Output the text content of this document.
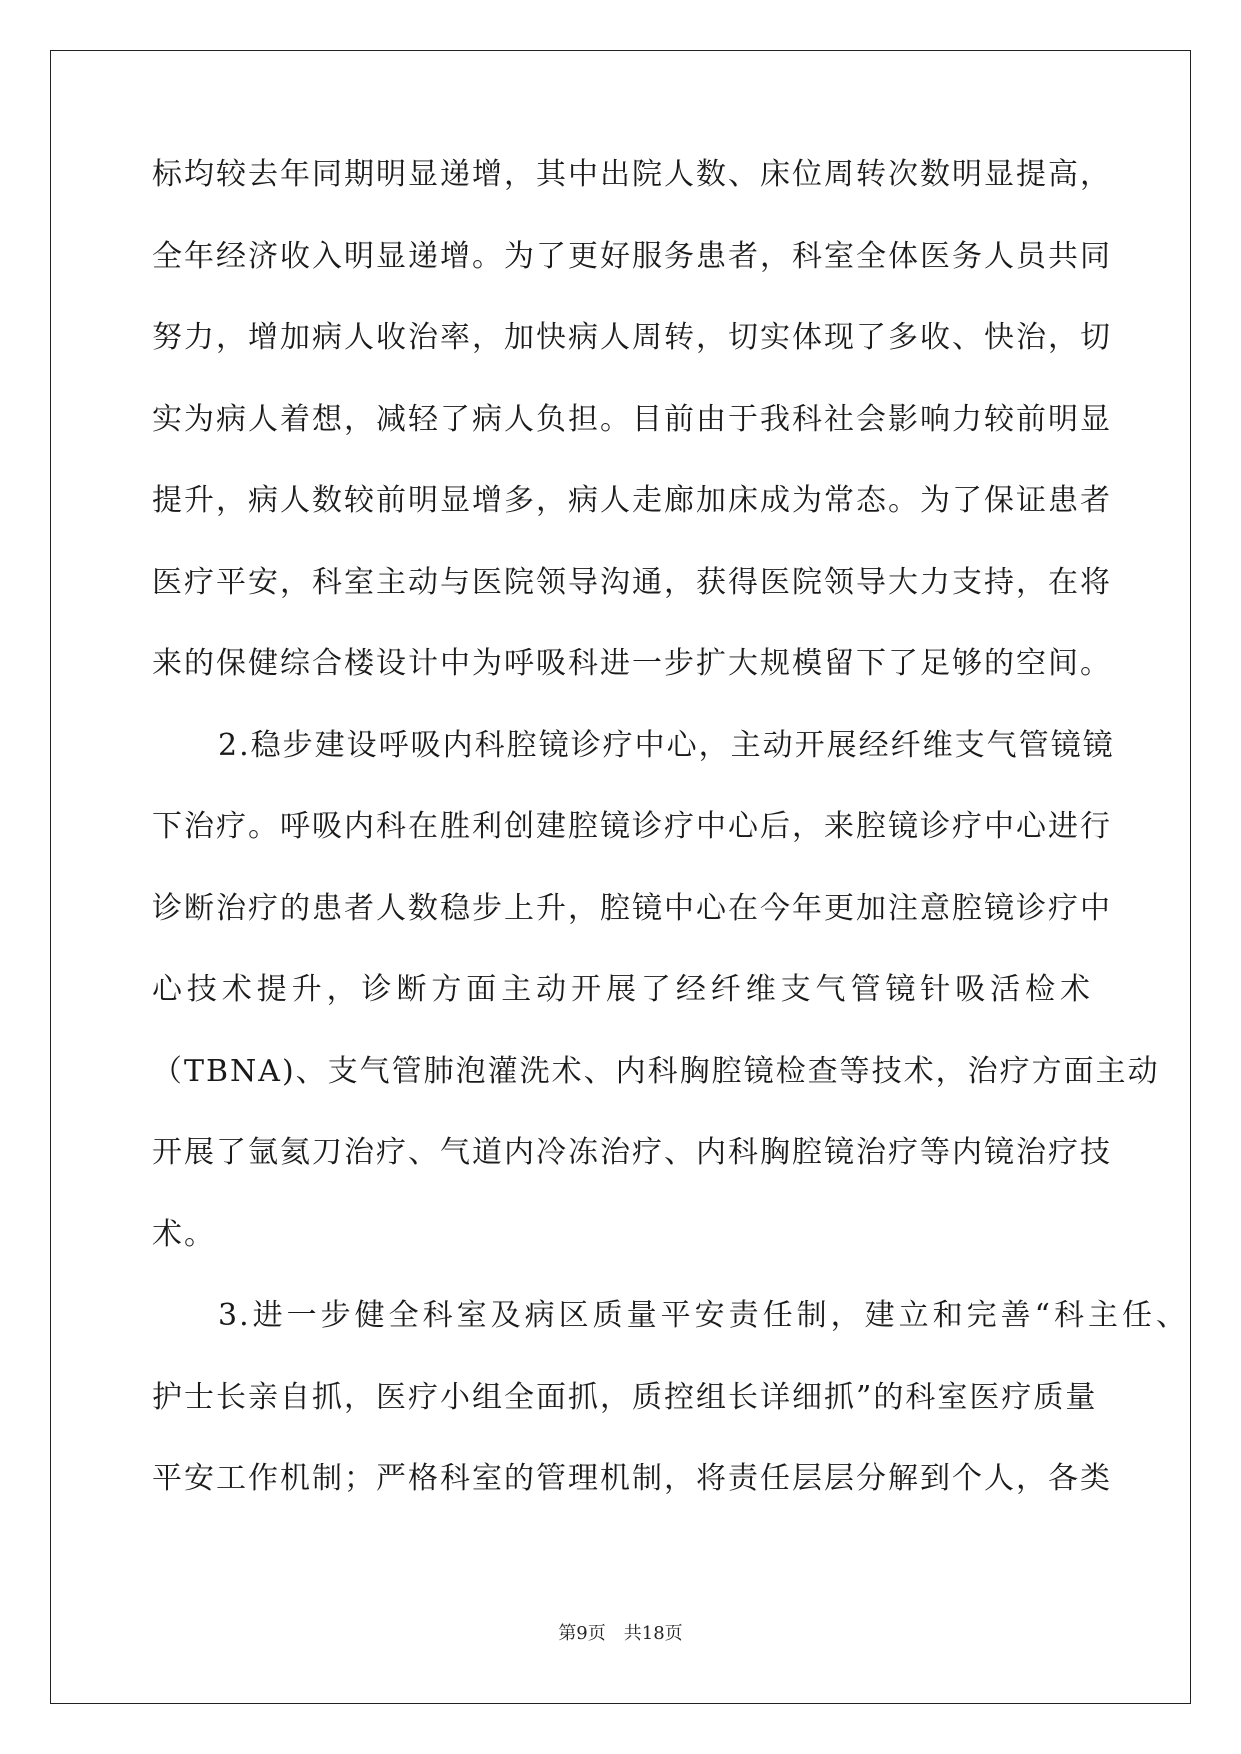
标均较去年同期明显递增，其中出院人数、床位周转次数明显提高，
全年经济收入明显递增。为了更好服务患者，科室全体医务人员共同
努力，增加病人收治率，加快病人周转，切实体现了多收、快治，切
实为病人着想，减轻了病人负担。目前由于我科社会影响力较前明显
提升，病人数较前明显增多，病人走廊加床成为常态。为了保证患者
医疗平安，科室主动与医院领导沟通，获得医院领导大力支持，在将
来的保健综合楼设计中为呼吸科进一步扩大规模留下了足够的空间。
2.稳步建设呼吸内科腔镜诊疗中心，主动开展经纤维支气管镜镜
下治疗。呼吸内科在胜利创建腔镜诊疗中心后，来腔镜诊疗中心进行
诊断治疗的患者人数稳步上升，腔镜中心在今年更加注意腔镜诊疗中
心技术提升，诊断方面主动开展了经纤维支气管镜针吸活检术
（TBNA)、支气管肺泡灌洗术、内科胸腔镜检查等技术，治疗方面主动
开展了氩氦刀治疗、气道内冷冻治疗、内科胸腔镜治疗等内镜治疗技
术。
3.进一步健全科室及病区质量平安责任制，建立和完善“科主任、
护士长亲自抓，医疗小组全面抓，质控组长详细抓”的科室医疗质量
平安工作机制；严格科室的管理机制，将责任层层分解到个人，各类
第9页 共18页
